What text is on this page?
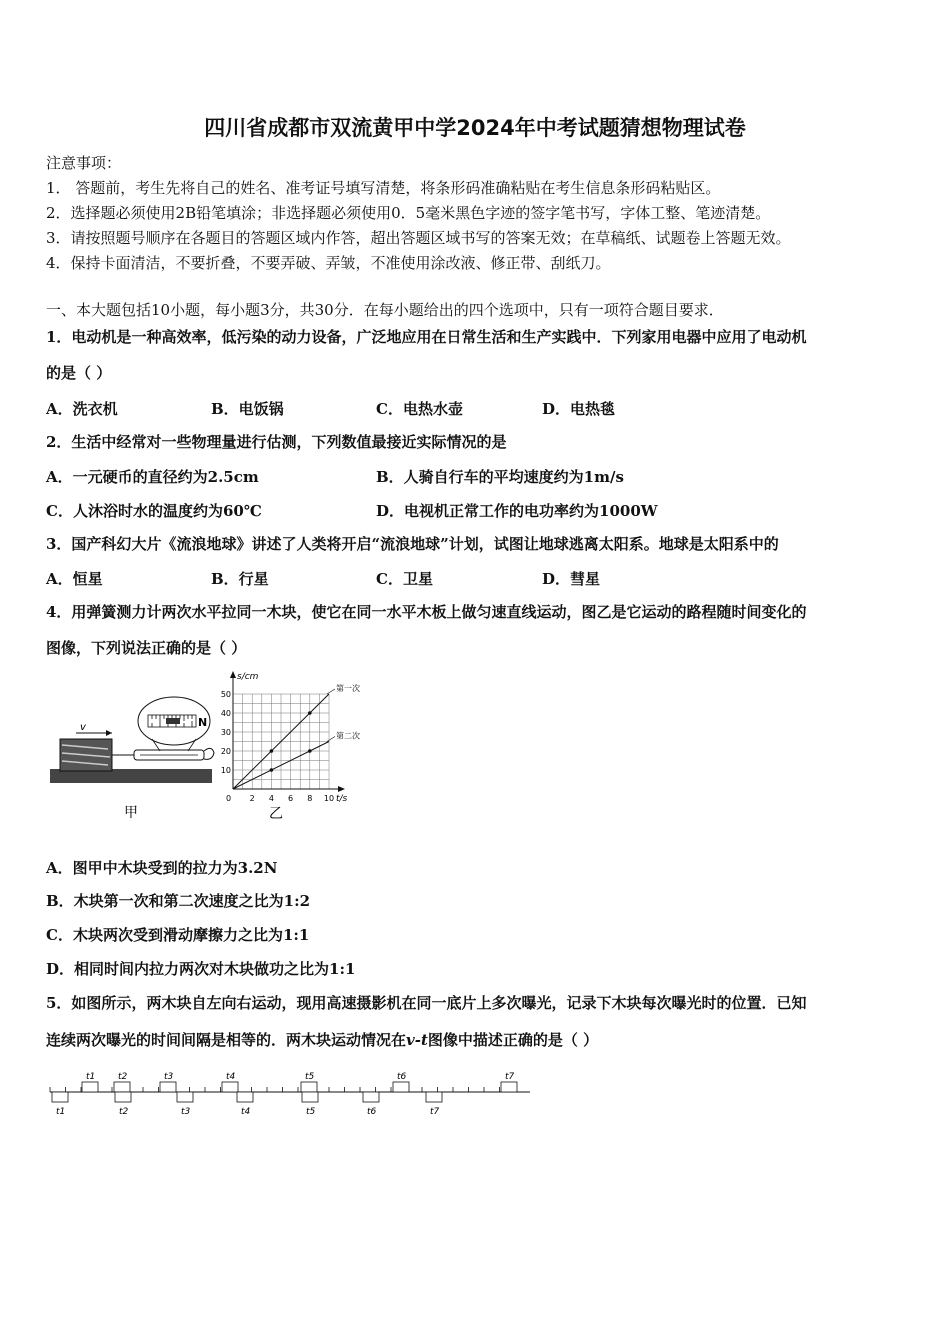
四川省成都市双流黄甲中学2024年中考试题猜想物理试卷
注意事项：
1． 答题前，考生先将自己的姓名、准考证号填写清楚，将条形码准确粘贴在考生信息条形码粘贴区。
2．选择题必须使用2B铅笔填涂；非选择题必须使用0．5毫米黑色字迹的签字笔书写，字体工整、笔迹清楚。
3．请按照题号顺序在各题目的答题区域内作答，超出答题区域书写的答案无效；在草稿纸、试题卷上答题无效。
4．保持卡面清洁，不要折叠，不要弄破、弄皱，不准使用涂改液、修正带、刮纸刀。
一、本大题包括10小题，每小题3分，共30分．在每小题给出的四个选项中，只有一项符合题目要求．
1．电动机是一种高效率，低污染的动力设备，广泛地应用在日常生活和生产实践中．下列家用电器中应用了电动机
的是（ ）
A．洗衣机	B．电饭锅	C．电热水壶	D．电热毯
2．生活中经常对一些物理量进行估测，下列数值最接近实际情况的是
A．一元硬币的直径约为2.5cm	B．人骑自行车的平均速度约为1m/s
C．人沐浴时水的温度约为60℃	D．电视机正常工作的电功率约为1000W
3．国产科幻大片《流浪地球》讲述了人类将开启“流浪地球”计划，试图让地球逃离太阳系。地球是太阳系中的
A．恒星	B．行星	C．卫星	D．彗星
4．用弹簧测力计两次水平拉同一木块，使它在同一水平木板上做匀速直线运动，图乙是它运动的路程随时间变化的
图像，下列说法正确的是（ ）
v	N
甲
s/cm
t/s
0 2 4 6 8 10
10
20
30
40
50
第一次
第二次
乙
A．图甲中木块受到的拉力为3.2N
B．木块第一次和第二次速度之比为1:2
C．木块两次受到滑动摩擦力之比为1:1
D．相同时间内拉力两次对木块做功之比为1:1
5．如图所示，两木块自左向右运动，现用高速摄影机在同一底片上多次曝光，记录下木块每次曝光时的位置．已知
连续两次曝光的时间间隔是相等的．两木块运动情况在v-t图像中描述正确的是（ ）
t1	t2	t3	t4	t5	t6	t7
t1	t2	t3	t4	t5	t6	t7
